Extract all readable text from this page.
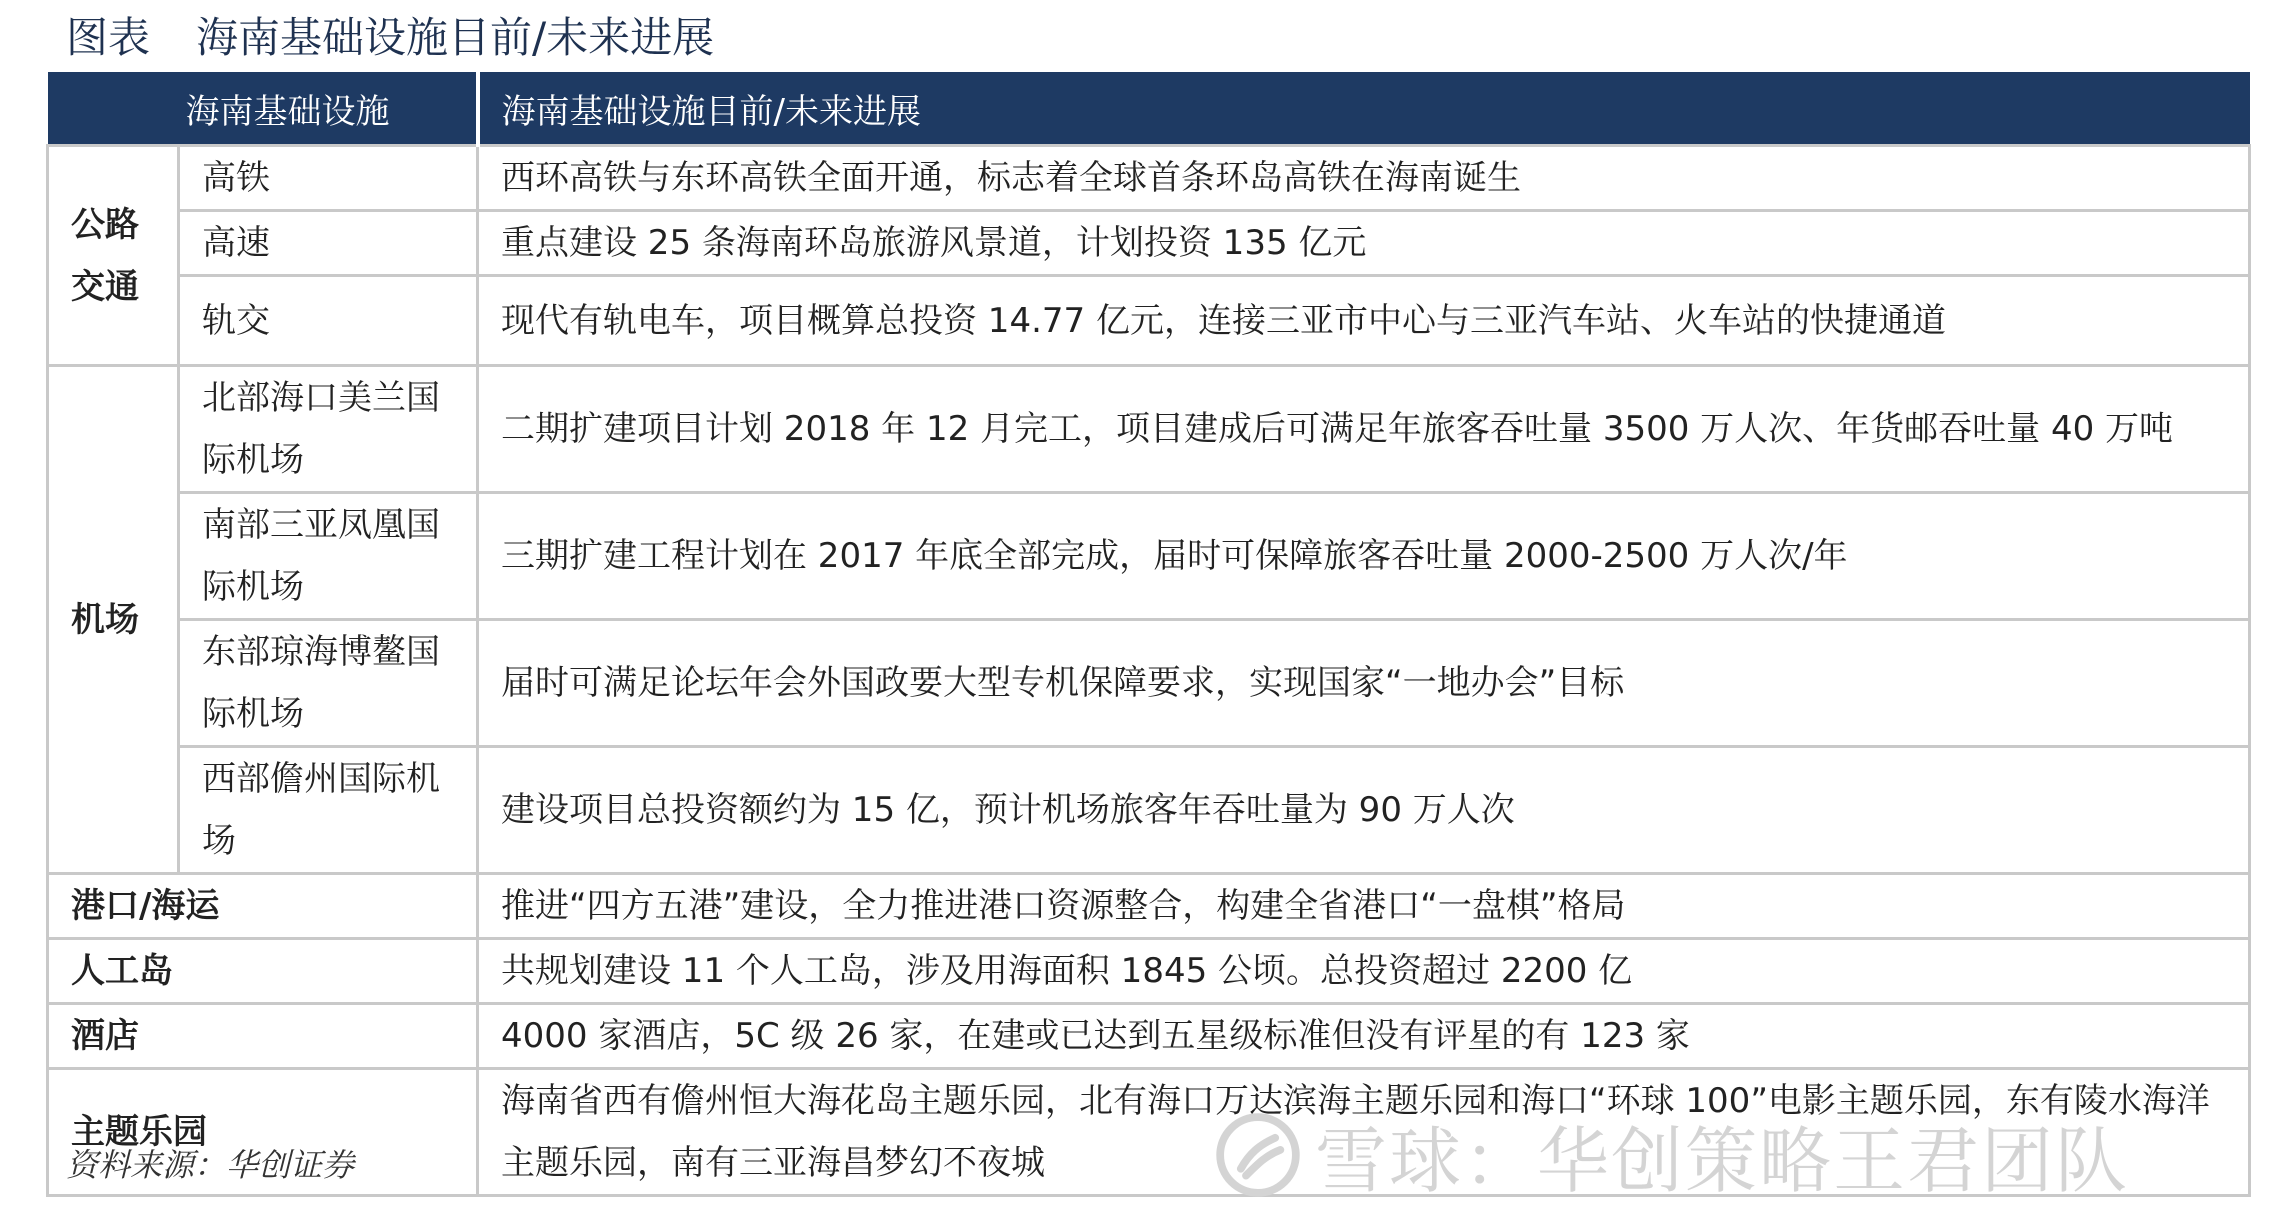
图表 海南基础设施目前/未来进展
海南基础设施		海南基础设施目前/未来进展
公路交通	高铁	西环高铁与东环高铁全面开通，标志着全球首条环岛高铁在海南诞生
	高速	重点建设 25 条海南环岛旅游风景道，计划投资 135 亿元
	轨交	现代有轨电车，项目概算总投资 14.77 亿元，连接三亚市中心与三亚汽车站、火车站的快捷通道
机场	北部海口美兰国际机场	二期扩建项目计划 2018 年 12 月完工，项目建成后可满足年旅客吞吐量 3500 万人次、年货邮吞吐量 40 万吨
	南部三亚凤凰国际机场	三期扩建工程计划在 2017 年底全部完成，届时可保障旅客吞吐量 2000-2500 万人次/年
	东部琼海博鳌国际机场	届时可满足论坛年会外国政要大型专机保障要求，实现国家“一地办会”目标
	西部儋州国际机场	建设项目总投资额约为 15 亿，预计机场旅客年吞吐量为 90 万人次
港口/海运		推进“四方五港”建设，全力推进港口资源整合，构建全省港口“一盘棋”格局
人工岛		共规划建设 11 个人工岛，涉及用海面积 1845 公顷。总投资超过 2200 亿
酒店		4000 家酒店，5C 级 26 家，在建或已达到五星级标准但没有评星的有 123 家
主题乐园		海南省西有儋州恒大海花岛主题乐园，北有海口万达滨海主题乐园和海口“环球 100”电影主题乐园，东有陵水海洋主题乐园，南有三亚海昌梦幻不夜城
资料来源：华创证券	雪球：华创策略王君团队
